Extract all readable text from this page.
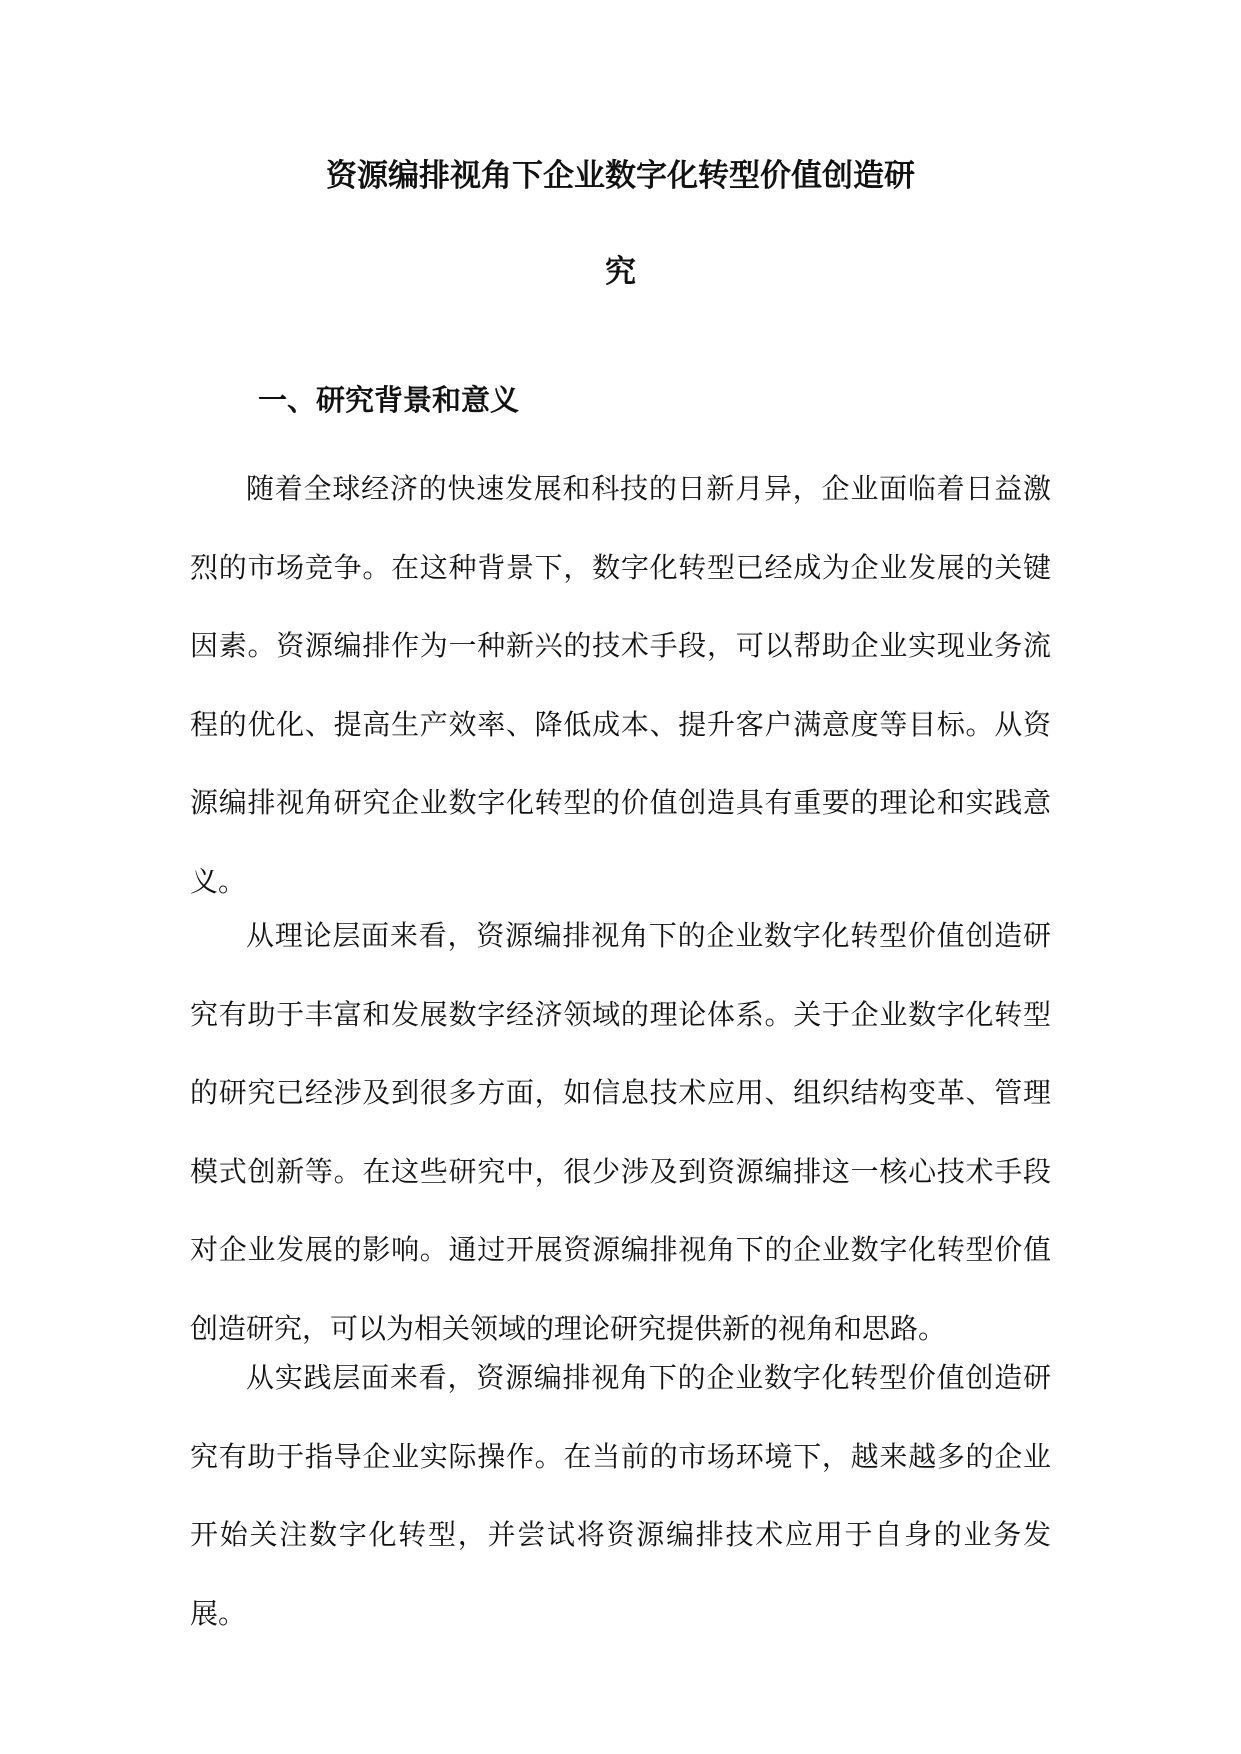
资源编排视角下企业数字化转型价值创造研
究
一、研究背景和意义

随着全球经济的快速发展和科技的日新月异，企业面临着日益激烈的市场竞争。在这种背景下，数字化转型已经成为企业发展的关键因素。资源编排作为一种新兴的技术手段，可以帮助企业实现业务流程的优化、提高生产效率、降低成本、提升客户满意度等目标。从资源编排视角研究企业数字化转型的价值创造具有重要的理论和实践意义。

从理论层面来看，资源编排视角下的企业数字化转型价值创造研究有助于丰富和发展数字经济领域的理论体系。关于企业数字化转型的研究已经涉及到很多方面，如信息技术应用、组织结构变革、管理模式创新等。在这些研究中，很少涉及到资源编排这一核心技术手段对企业发展的影响。通过开展资源编排视角下的企业数字化转型价值创造研究，可以为相关领域的理论研究提供新的视角和思路。

从实践层面来看，资源编排视角下的企业数字化转型价值创造研究有助于指导企业实际操作。在当前的市场环境下，越来越多的企业开始关注数字化转型，并尝试将资源编排技术应用于自身的业务发展。
